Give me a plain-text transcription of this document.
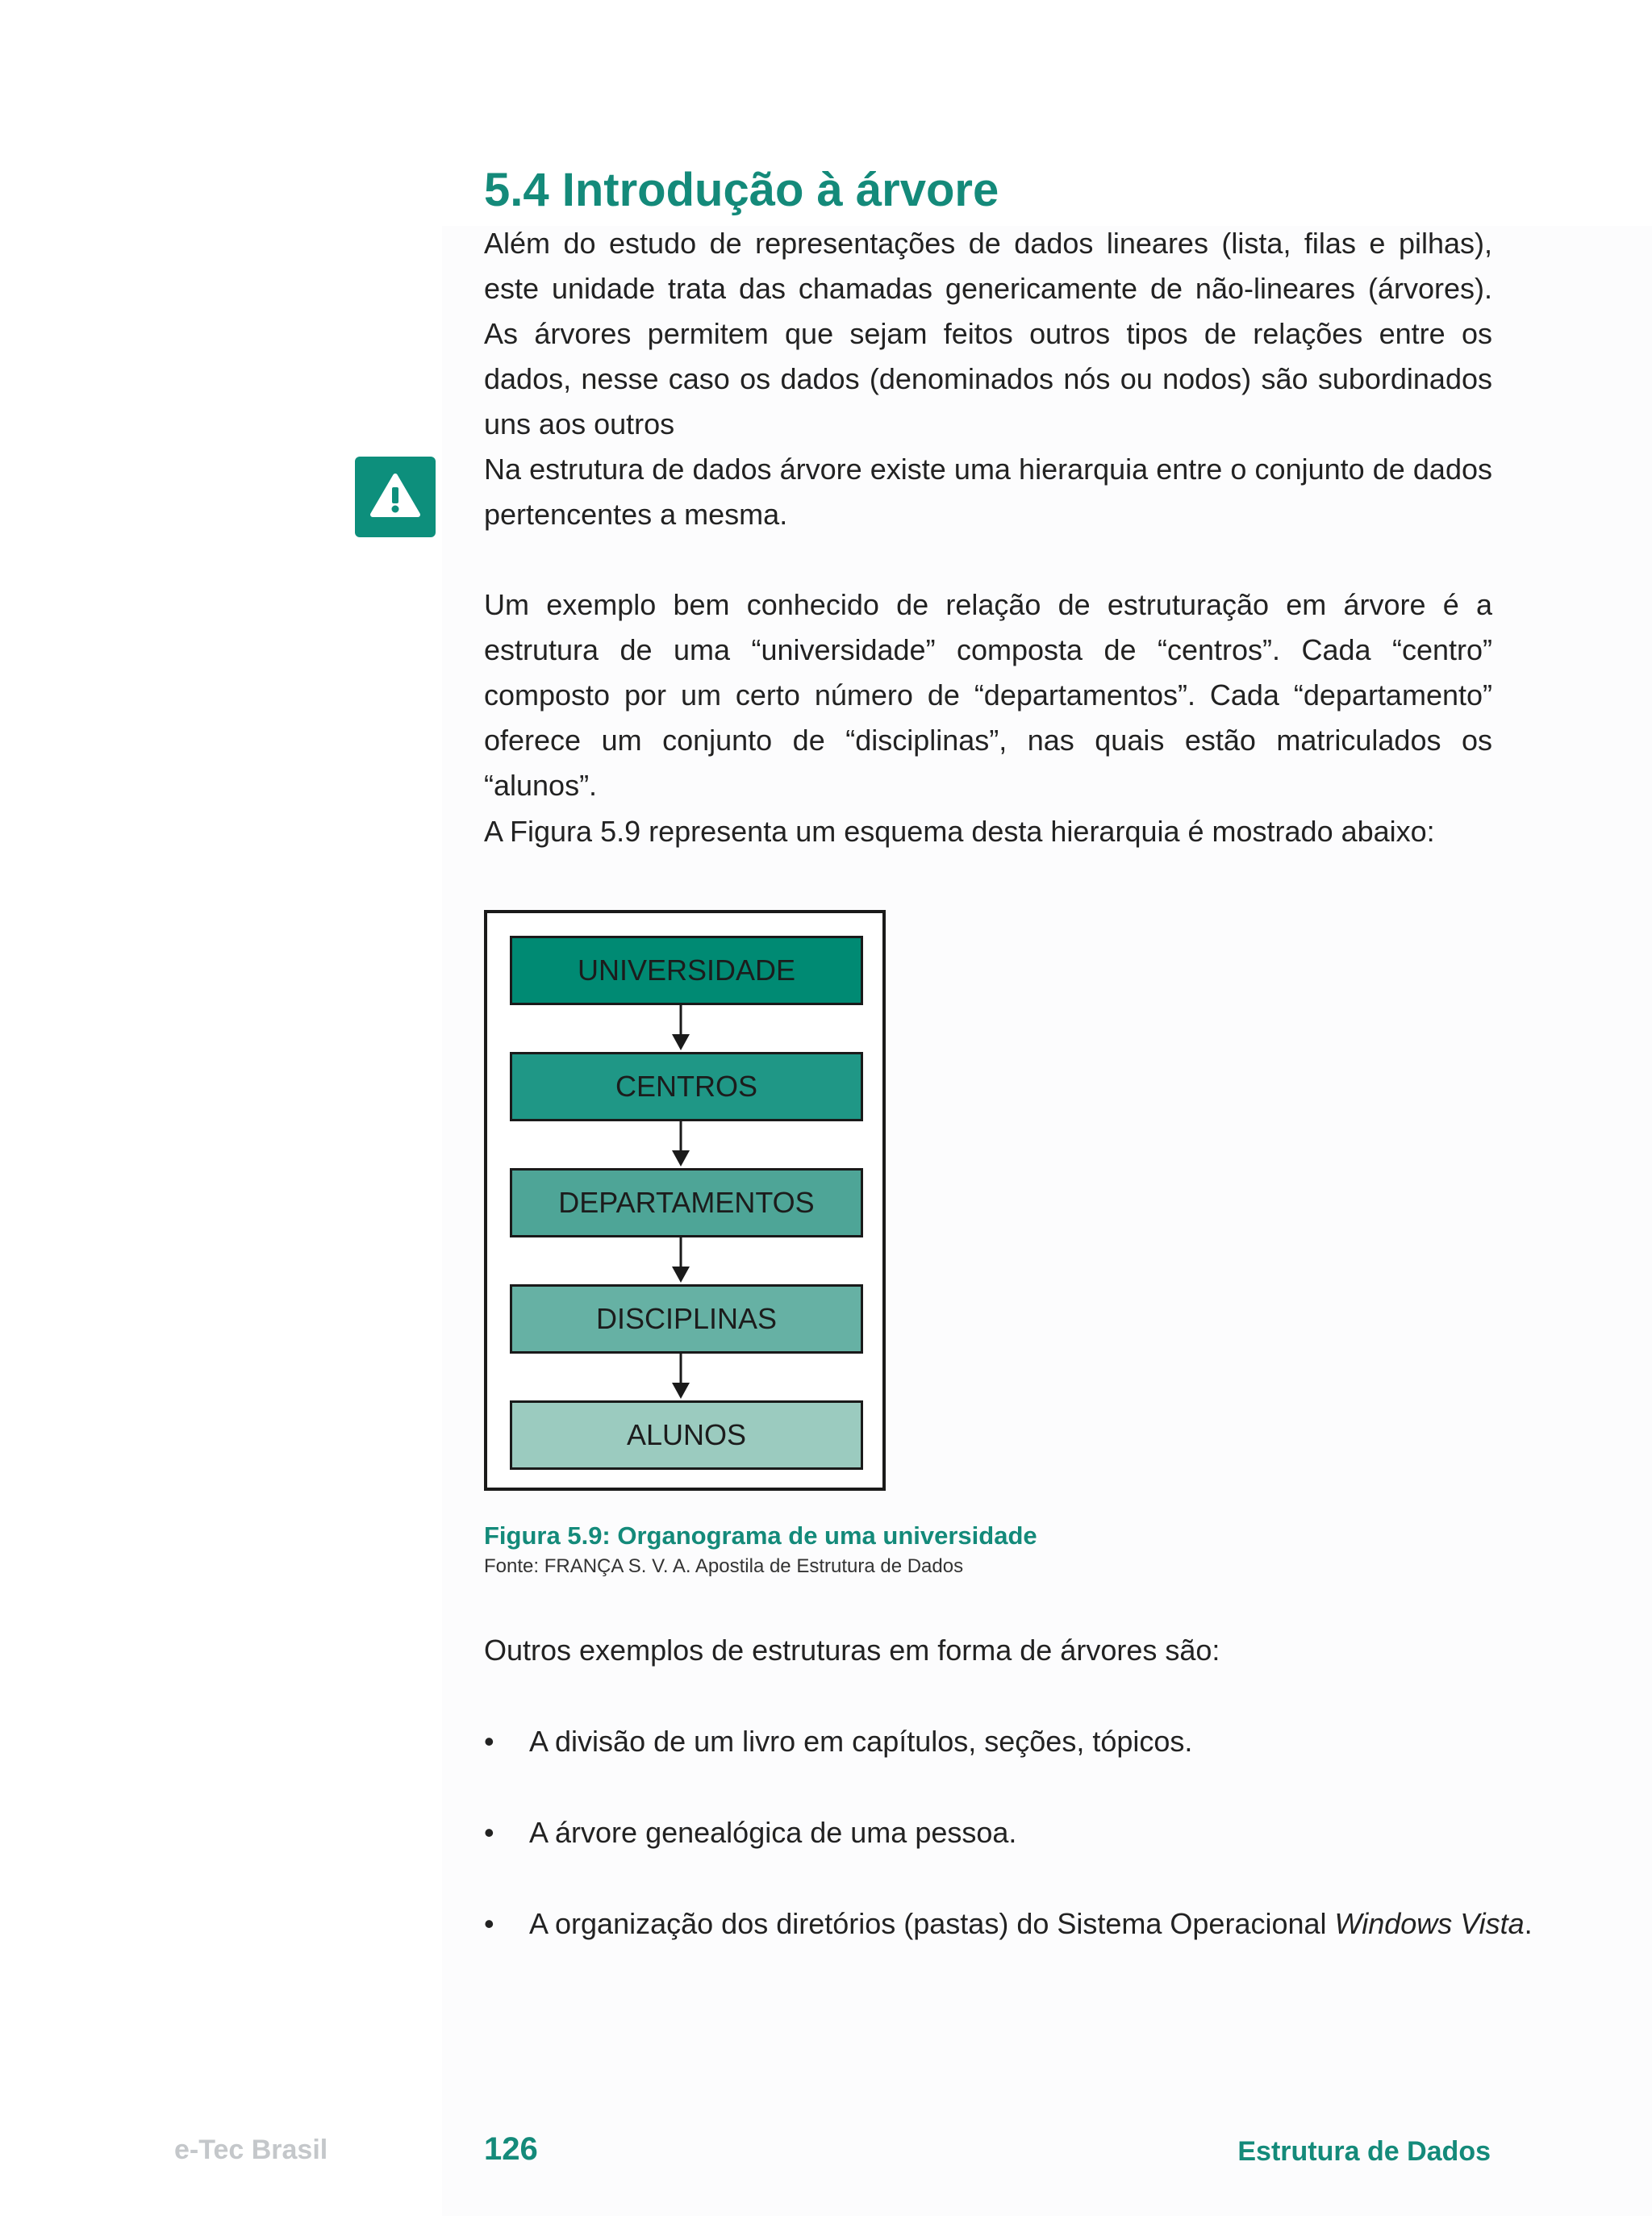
5.4 Introdução à árvore

Além do estudo de representações de dados lineares (lista, filas e pilhas), este unidade trata das chamadas genericamente de não-lineares (árvores). As árvores permitem que sejam feitos outros tipos de relações entre os dados, nesse caso os dados (denominados nós ou nodos) são subordinados uns aos outros

Na estrutura de dados árvore existe uma hierarquia entre o conjunto de dados pertencentes a mesma.

Um exemplo bem conhecido de relação de estruturação em árvore é a estrutura de uma “universidade” composta de “centros”. Cada “centro” composto por um certo número de “departamentos”. Cada “departamento” oferece um conjunto de “disciplinas”, nas quais estão matriculados os “alunos”.

A Figura 5.9 representa um esquema desta hierarquia é mostrado abaixo:

UNIVERSIDADE
CENTROS
DEPARTAMENTOS
DISCIPLINAS
ALUNOS
Figura 5.9: Organograma de uma universidade
Fonte: FRANÇA S. V. A. Apostila de Estrutura de Dados

Outros exemplos de estruturas em forma de árvores são:

•	A divisão de um livro em capítulos, seções, tópicos.
•	A árvore genealógica de uma pessoa.
•	A organização dos diretórios (pastas) do Sistema Operacional Windows Vista.
e-Tec Brasil	126	Estrutura de Dados
